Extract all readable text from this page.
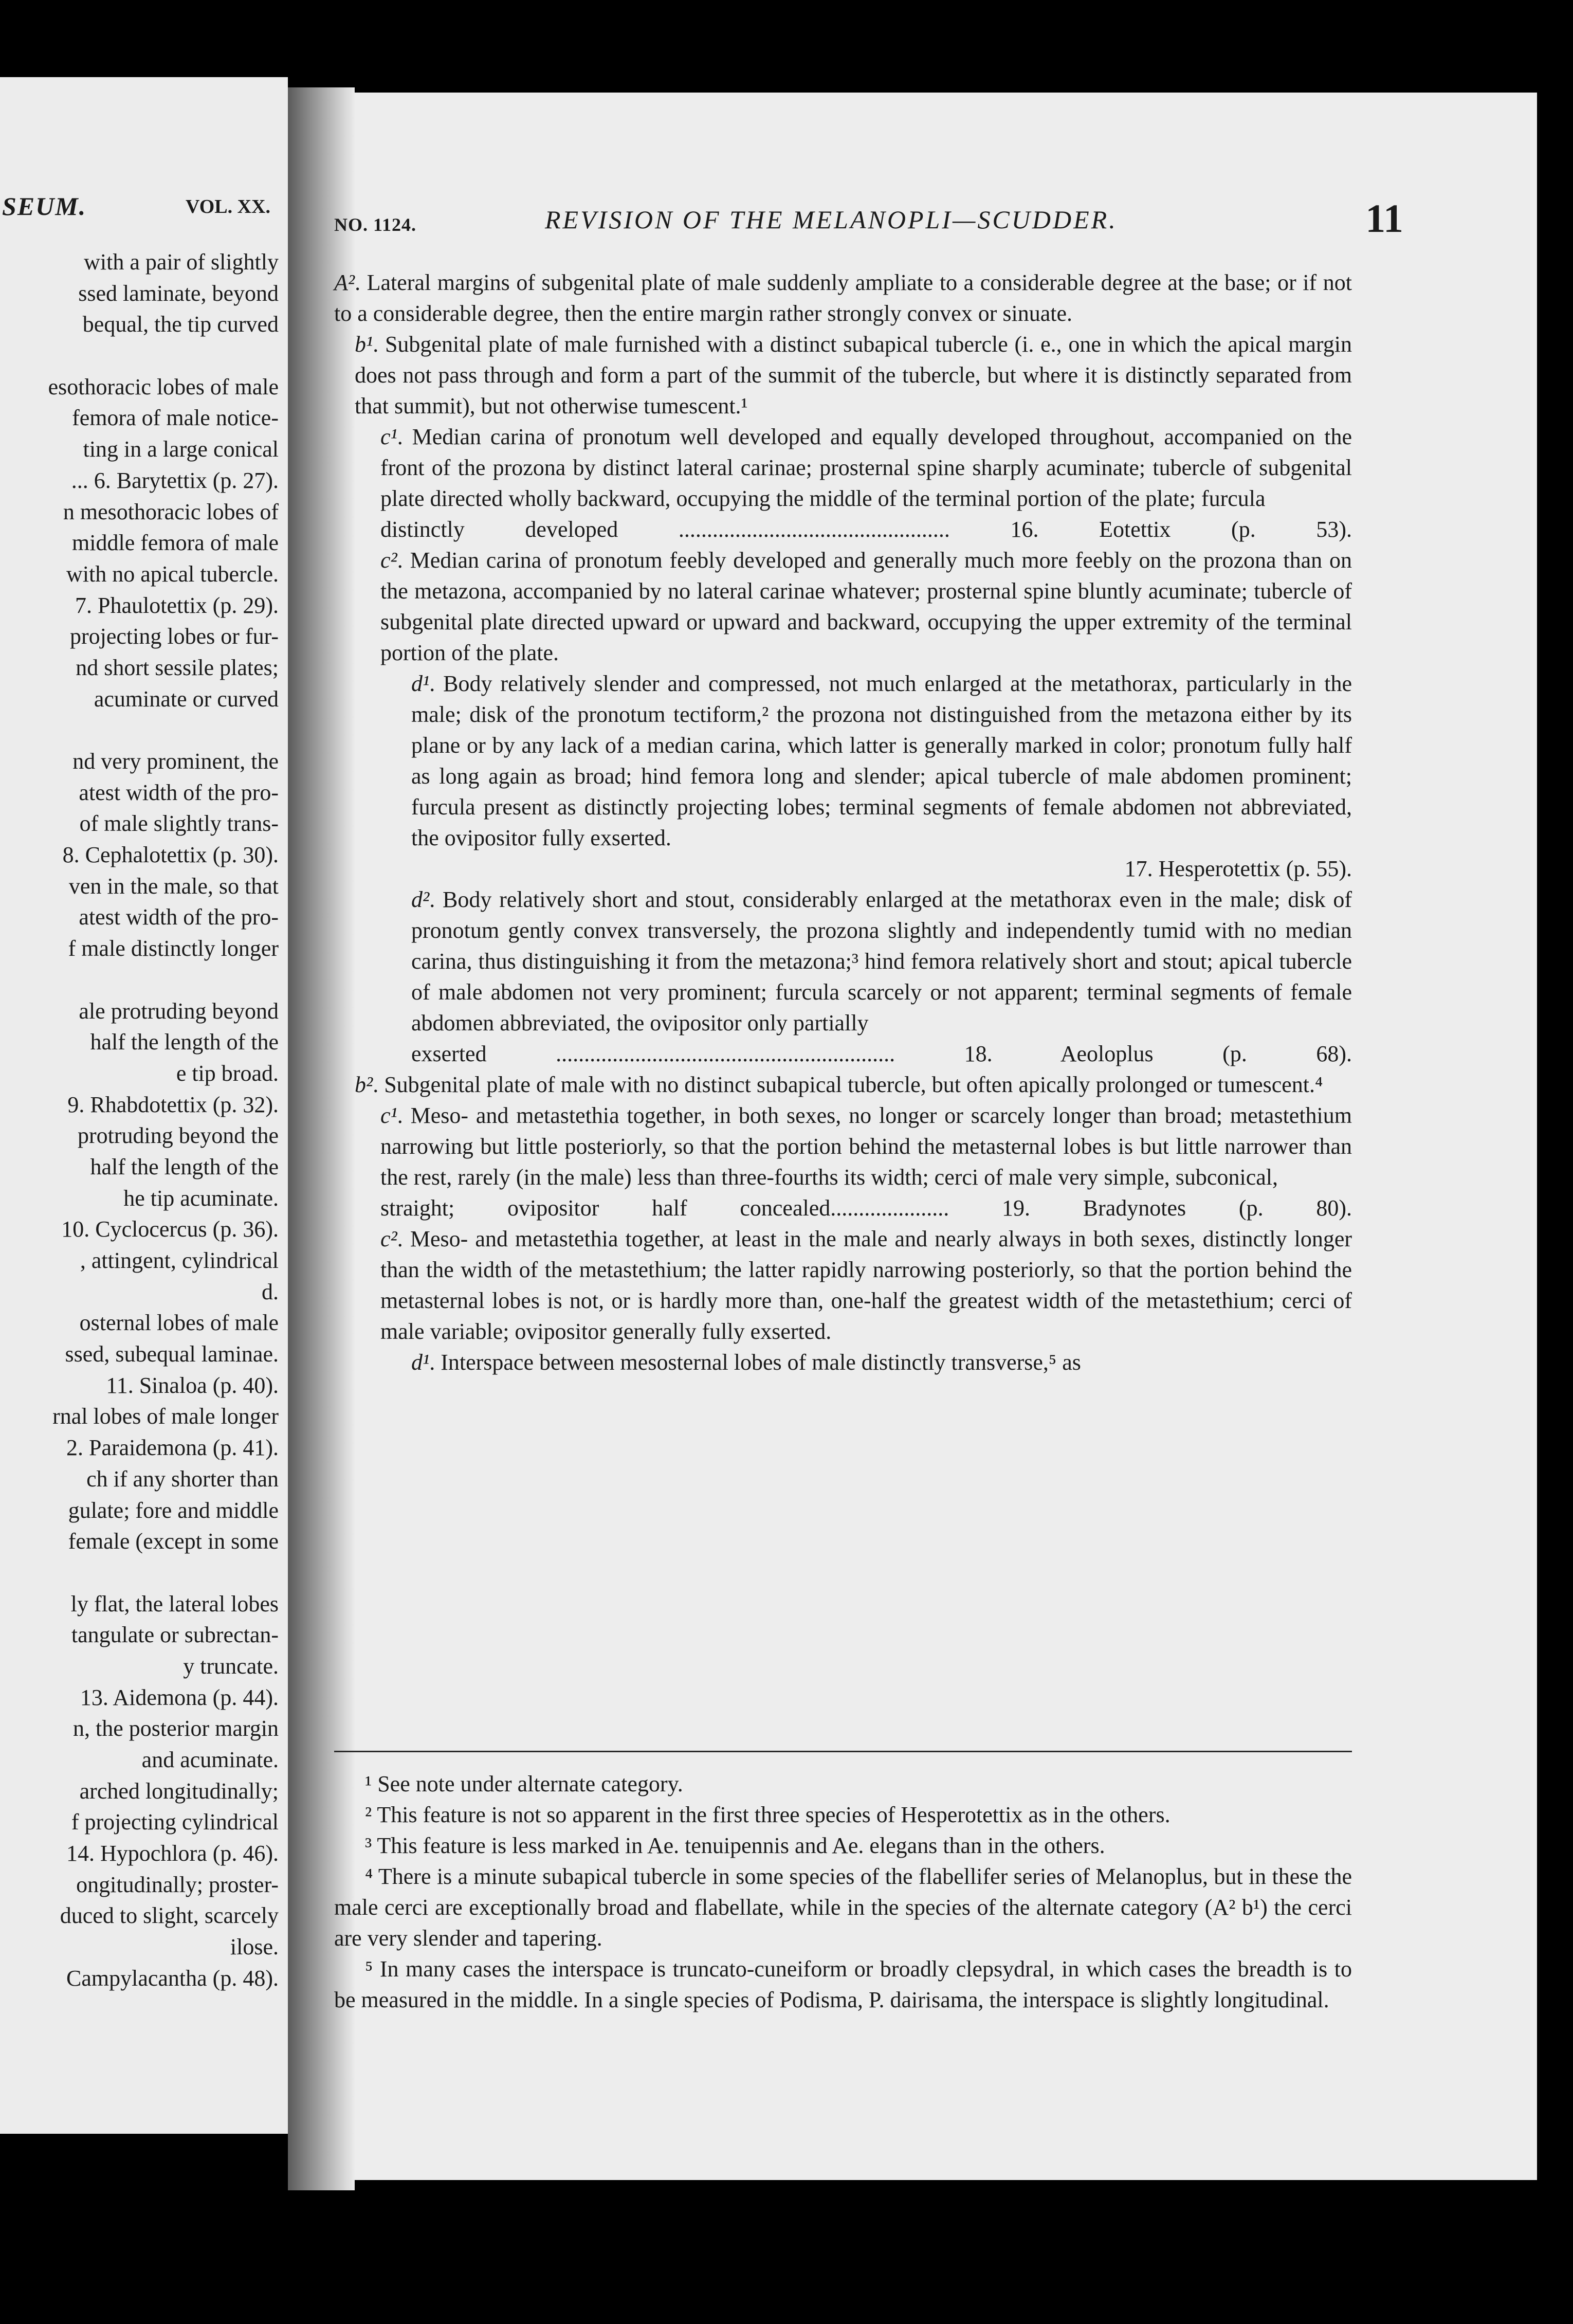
SEUM.	VOL. XX.
with a pair of slightly
ssed laminate, beyond
bequal, the tip curved
esothoracic lobes of male
femora of male notice-
ting in a large conical
... 6. Barytettix (p. 27).
n mesothoracic lobes of
middle femora of male
with no apical tubercle.
7. Phaulotettix (p. 29).
projecting lobes or fur-
nd short sessile plates;
acuminate or curved
nd very prominent, the
atest width of the pro-
of male slightly trans-
8. Cephalotettix (p. 30).
ven in the male, so that
atest width of the pro-
f male distinctly longer
ale protruding beyond
half the length of the
e tip broad.
9. Rhabdotettix (p. 32).
protruding beyond the
half the length of the
he tip acuminate.
10. Cyclocercus (p. 36).
, attingent, cylindrical
d.
osternal lobes of male
ssed, subequal laminae.
11. Sinaloa (p. 40).
rnal lobes of male longer
2. Paraidemona (p. 41).
ch if any shorter than
gulate; fore and middle
female (except in some
ly flat, the lateral lobes
tangulate or subrectan-
y truncate.
13. Aidemona (p. 44).
n, the posterior margin
and acuminate.
arched longitudinally;
f projecting cylindrical
14. Hypochlora (p. 46).
ongitudinally; proster-
duced to slight, scarcely
ilose.
Campylacantha (p. 48).
NO. 1124.	REVISION OF THE MELANOPLI—SCUDDER.	11

A². Lateral margins of subgenital plate of male suddenly ampliate to a considerable degree at the base; or if not to a considerable degree, then the entire margin rather strongly convex or sinuate.

b¹. Subgenital plate of male furnished with a distinct subapical tubercle (i. e., one in which the apical margin does not pass through and form a part of the summit of the tubercle, but where it is distinctly separated from that summit), but not otherwise tumescent.¹

c¹. Median carina of pronotum well developed and equally developed throughout, accompanied on the front of the prozona by distinct lateral carinae; prosternal spine sharply acuminate; tubercle of subgenital plate directed wholly backward, occupying the middle of the terminal portion of the plate; furcula
distinctly developed ................................................ 16. Eotettix (p. 53).

c². Median carina of pronotum feebly developed and generally much more feebly on the prozona than on the metazona, accompanied by no lateral carinae whatever; prosternal spine bluntly acuminate; tubercle of subgenital plate directed upward or upward and backward, occupying the upper extremity of the terminal portion of the plate.

d¹. Body relatively slender and compressed, not much enlarged at the metathorax, particularly in the male; disk of the pronotum tectiform,² the prozona not distinguished from the metazona either by its plane or by any lack of a median carina, which latter is generally marked in color; pronotum fully half as long again as broad; hind femora long and slender; apical tubercle of male abdomen prominent; furcula present as distinctly projecting lobes; terminal segments of female abdomen not abbreviated, the ovipositor fully exserted.
17. Hesperotettix (p. 55).

d². Body relatively short and stout, considerably enlarged at the metathorax even in the male; disk of pronotum gently convex transversely, the prozona slightly and independently tumid with no median carina, thus distinguishing it from the metazona;³ hind femora relatively short and stout; apical tubercle of male abdomen not very prominent; furcula scarcely or not apparent; terminal segments of female abdomen abbreviated, the ovipositor only partially
exserted ............................................................ 18. Aeoloplus (p. 68).

b². Subgenital plate of male with no distinct subapical tubercle, but often apically prolonged or tumescent.⁴

c¹. Meso- and metastethia together, in both sexes, no longer or scarcely longer than broad; metastethium narrowing but little posteriorly, so that the portion behind the metasternal lobes is but little narrower than the rest, rarely (in the male) less than three-fourths its width; cerci of male very simple, subconical,
straight; ovipositor half concealed..................... 19. Bradynotes (p. 80).

c². Meso- and metastethia together, at least in the male and nearly always in both sexes, distinctly longer than the width of the metastethium; the latter rapidly narrowing posteriorly, so that the portion behind the metasternal lobes is not, or is hardly more than, one-half the greatest width of the metastethium; cerci of male variable; ovipositor generally fully exserted.

d¹. Interspace between mesosternal lobes of male distinctly transverse,⁵ as

¹ See note under alternate category.

² This feature is not so apparent in the first three species of Hesperotettix as in the others.

³ This feature is less marked in Ae. tenuipennis and Ae. elegans than in the others.

⁴ There is a minute subapical tubercle in some species of the flabellifer series of Melanoplus, but in these the male cerci are exceptionally broad and flabellate, while in the species of the alternate category (A² b¹) the cerci are very slender and tapering.

⁵ In many cases the interspace is truncato-cuneiform or broadly clepsydral, in which cases the breadth is to be measured in the middle. In a single species of Podisma, P. dairisama, the interspace is slightly longitudinal.
